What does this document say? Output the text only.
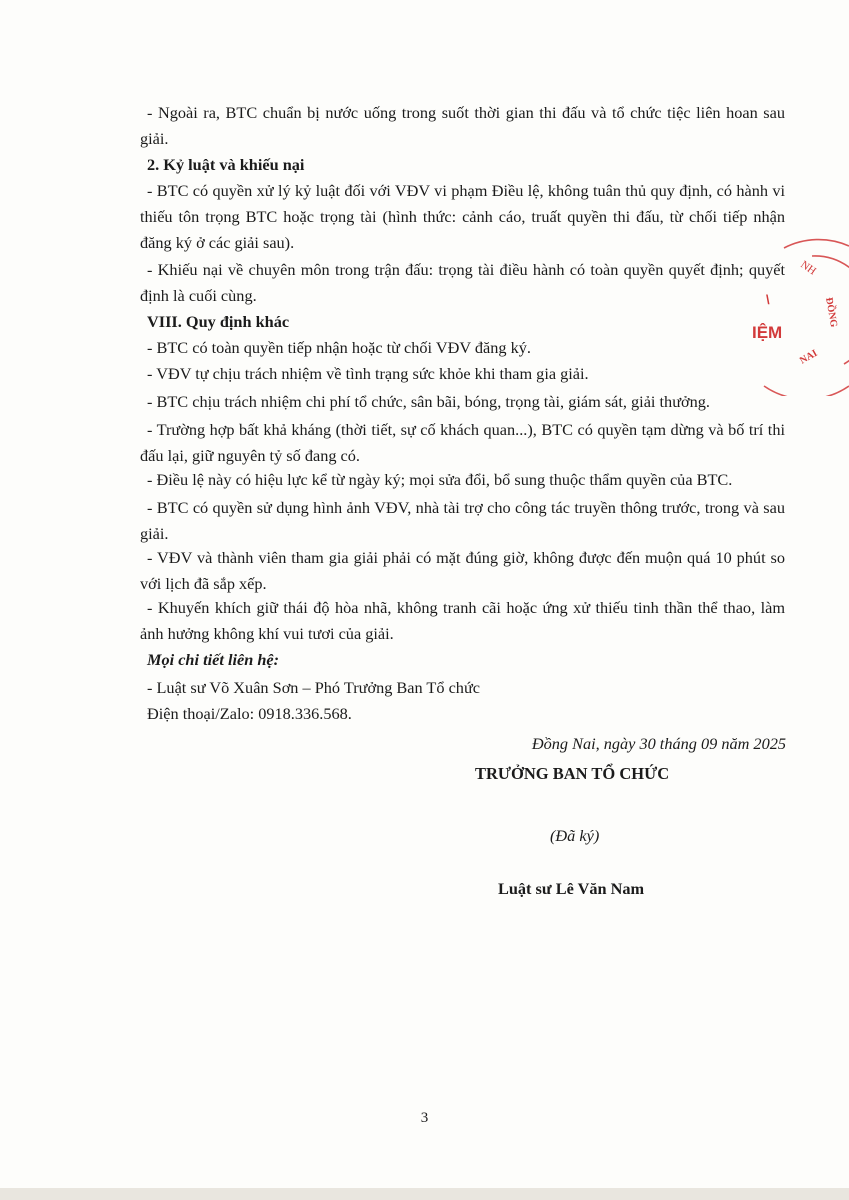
- Ngoài ra, BTC chuẩn bị nước uống trong suốt thời gian thi đấu và tổ chức tiệc liên hoan sau giải.

2. Kỷ luật và khiếu nại

- BTC có quyền xử lý kỷ luật đối với VĐV vi phạm Điều lệ, không tuân thủ quy định, có hành vi thiếu tôn trọng BTC hoặc trọng tài (hình thức: cảnh cáo, truất quyền thi đấu, từ chối tiếp nhận đăng ký ở các giải sau).

- Khiếu nại về chuyên môn trong trận đấu: trọng tài điều hành có toàn quyền quyết định; quyết định là cuối cùng.

VIII. Quy định khác

- BTC có toàn quyền tiếp nhận hoặc từ chối VĐV đăng ký.

- VĐV tự chịu trách nhiệm về tình trạng sức khỏe khi tham gia giải.

- BTC chịu trách nhiệm chi phí tổ chức, sân bãi, bóng, trọng tài, giám sát, giải thưởng.

- Trường hợp bất khả kháng (thời tiết, sự cố khách quan...), BTC có quyền tạm dừng và bố trí thi đấu lại, giữ nguyên tỷ số đang có.

- Điều lệ này có hiệu lực kể từ ngày ký; mọi sửa đổi, bổ sung thuộc thẩm quyền của BTC.

- BTC có quyền sử dụng hình ảnh VĐV, nhà tài trợ cho công tác truyền thông trước, trong và sau giải.

- VĐV và thành viên tham gia giải phải có mặt đúng giờ, không được đến muộn quá 10 phút so với lịch đã sắp xếp.

- Khuyến khích giữ thái độ hòa nhã, không tranh cãi hoặc ứng xử thiếu tinh thần thể thao, làm ảnh hưởng không khí vui tươi của giải.

Mọi chi tiết liên hệ:

- Luật sư Võ Xuân Sơn – Phó Trưởng Ban Tổ chức

Điện thoại/Zalo: 0918.336.568.

Đồng Nai, ngày 30 tháng 09 năm 2025

TRƯỞNG BAN TỔ CHỨC

(Đã ký)

Luật sư Lê Văn Nam

NH
ĐỒNG
\
IỆM
NAI
3
